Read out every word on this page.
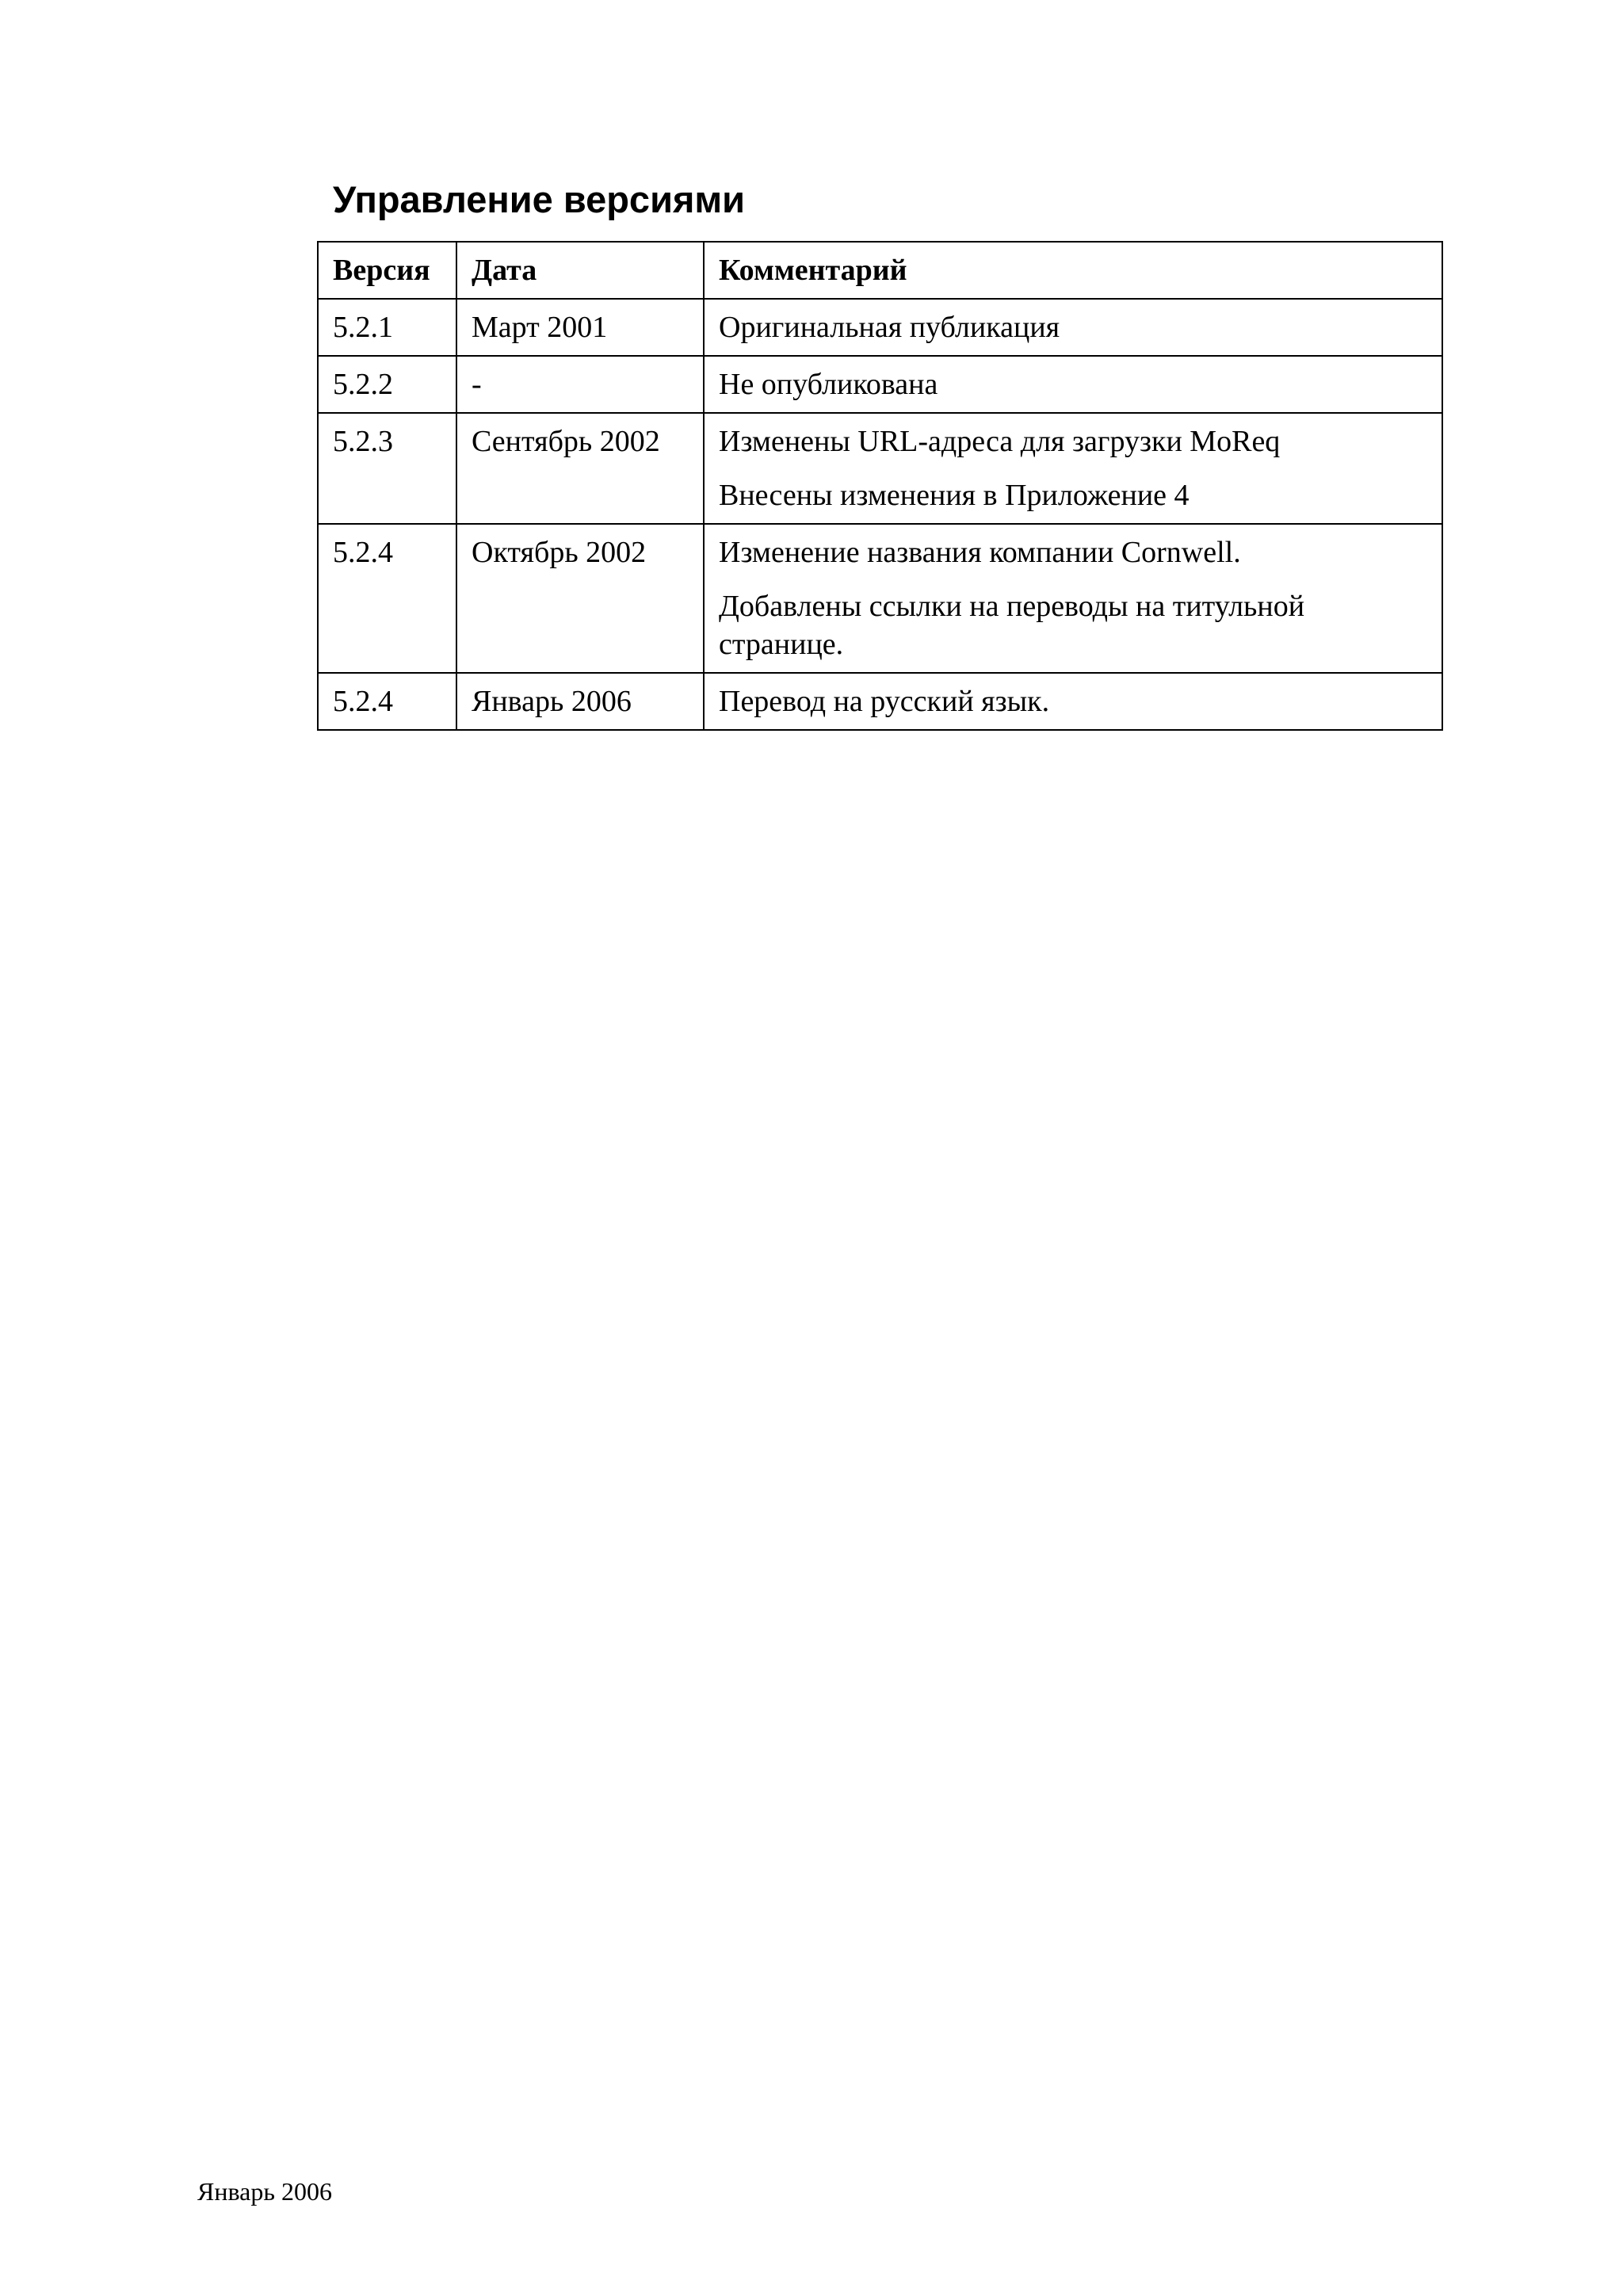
Управление версиями
Версия	Дата	Комментарий
5.2.1	Март 2001	Оригинальная публикация

5.2.2	-	Не опубликована

5.2.3	Сентябрь 2002	Изменены URL-адреса для загрузки MoReq
Внесены изменения в Приложение 4

5.2.4	Октябрь 2002	Изменение названия компании Cornwell.
Добавлены ссылки на переводы на титульной странице.

5.2.4	Январь 2006	Перевод на русский язык.
Январь 2006
